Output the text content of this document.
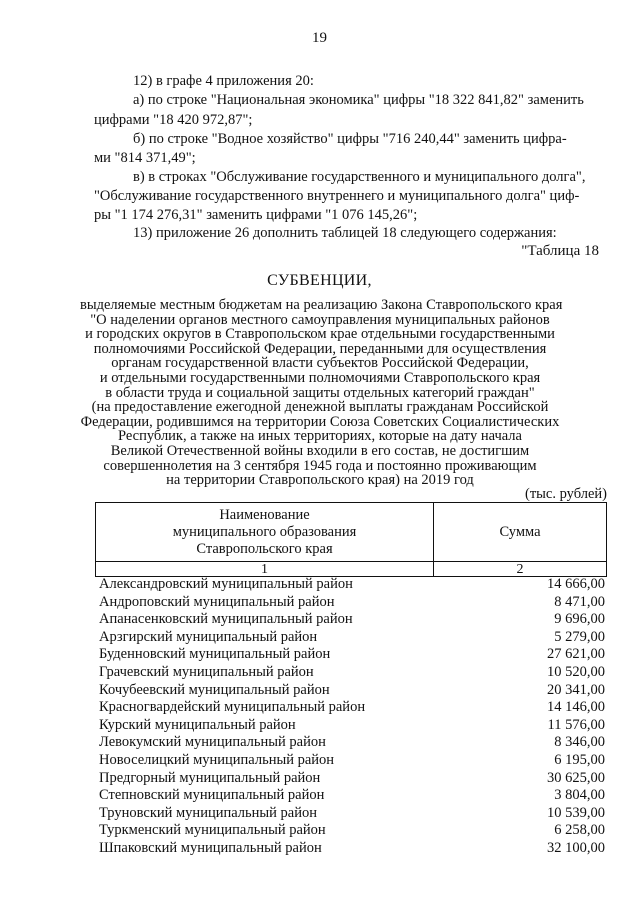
19
12) в графе 4 приложения 20:
а) по строке "Национальная экономика" цифры "18 322 841,82" заменить
цифрами "18 420 972,87";
б) по строке "Водное хозяйство" цифры "716 240,44" заменить цифра-
ми "814 371,49";
в) в строках "Обслуживание государственного и муниципального долга",
"Обслуживание государственного внутреннего и муниципального долга" циф-
ры "1 174 276,31" заменить цифрами "1 076 145,26";
13) приложение 26 дополнить таблицей 18 следующего содержания:
"Таблица 18
СУБВЕНЦИИ,
выделяемые местным бюджетам на реализацию Закона Ставропольского края
"О наделении органов местного самоуправления муниципальных районов
и городских округов в Ставропольском крае отдельными государственными
полномочиями Российской Федерации, переданными для осуществления
органам государственной власти субъектов Российской Федерации,
и отдельными государственными полномочиями Ставропольского края
в области труда и социальной защиты отдельных категорий граждан"
(на предоставление ежегодной денежной выплаты гражданам Российской
Федерации, родившимся на территории Союза Советских Социалистических
Республик, а также на иных территориях, которые на дату начала
Великой Отечественной войны входили в его состав, не достигшим
совершеннолетия на 3 сентября 1945 года и постоянно проживающим
на территории Ставропольского края) на 2019 год
(тыс. рублей)
Наименование
муниципального образования
Ставропольского края	Сумма
1	2
Александровский муниципальный район	14 666,00
Андроповский муниципальный район	8 471,00
Апанасенковский муниципальный район	9 696,00
Арзгирский муниципальный район	5 279,00
Буденновский муниципальный район	27 621,00
Грачевский муниципальный район	10 520,00
Кочубеевский муниципальный район	20 341,00
Красногвардейский муниципальный район	14 146,00
Курский муниципальный район	11 576,00
Левокумский муниципальный район	8 346,00
Новоселицкий муниципальный район	6 195,00
Предгорный муниципальный район	30 625,00
Степновский муниципальный район	3 804,00
Труновский муниципальный район	10 539,00
Туркменский муниципальный район	6 258,00
Шпаковский муниципальный район	32 100,00
